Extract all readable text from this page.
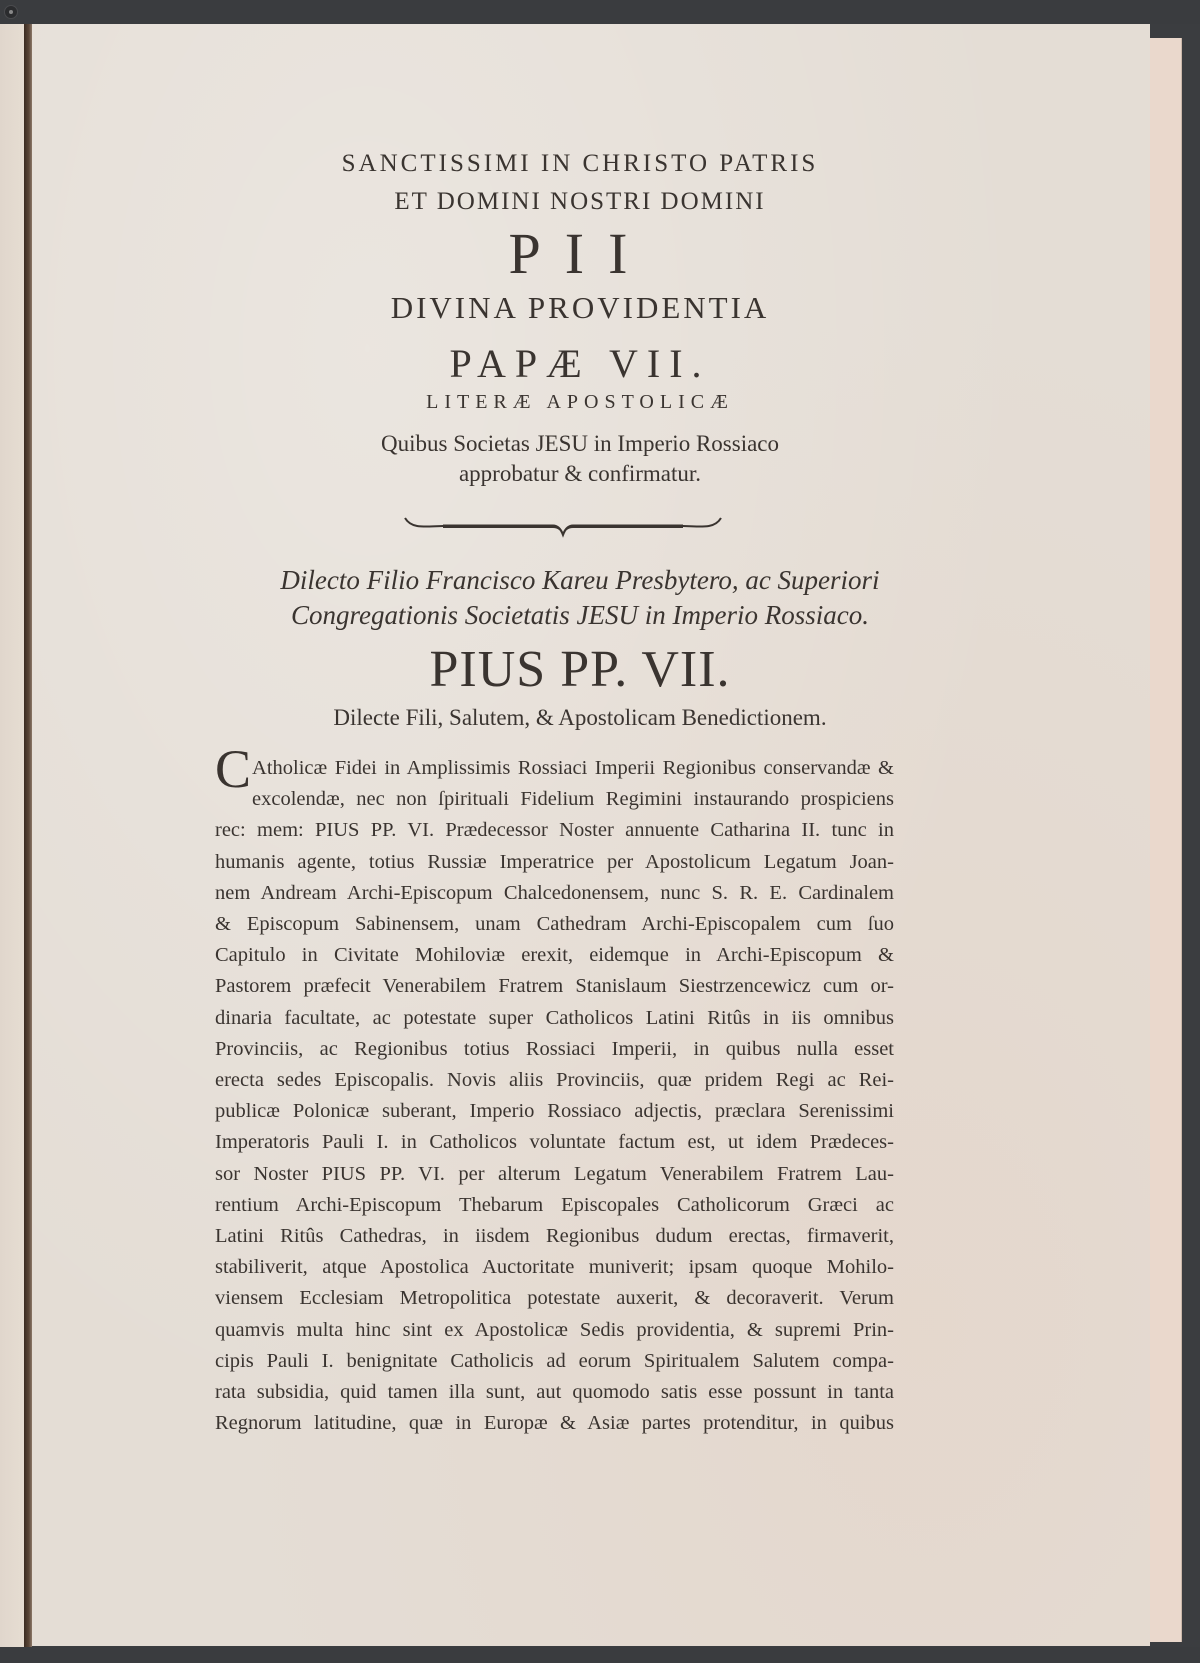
SANCTISSIMI IN CHRISTO PATRIS
ET DOMINI NOSTRI DOMINI
PII
DIVINA PROVIDENTIA
PAPÆ VII.
LITERÆ APOSTOLICÆ
Quibus Societas JESU in Imperio Rossiaco
approbatur & confirmatur.
Dilecto Filio Francisco Kareu Presbytero, ac Superiori
Congregationis Societatis JESU in Imperio Rossiaco.
PIUS PP. VII.
Dilecte Fili, Salutem, & Apostolicam Benedictionem.
C Atholicæ Fidei in Amplissimis Rossiaci Imperii Regionibus conservandæ &
excolendæ, nec non ſpirituali Fidelium Regimini instaurando prospiciens
rec: mem: PIUS PP. VI. Prædecessor Noster annuente Catharina II. tunc in
humanis agente, totius Russiæ Imperatrice per Apostolicum Legatum Joan-
nem Andream Archi-Episcopum Chalcedonensem, nunc S. R. E. Cardinalem
& Episcopum Sabinensem, unam Cathedram Archi-Episcopalem cum ſuo
Capitulo in Civitate Mohiloviæ erexit, eidemque in Archi-Episcopum &
Pastorem præfecit Venerabilem Fratrem Stanislaum Siestrzencewicz cum or-
dinaria facultate, ac potestate super Catholicos Latini Ritûs in iis omnibus
Provinciis, ac Regionibus totius Rossiaci Imperii, in quibus nulla esset
erecta sedes Episcopalis. Novis aliis Provinciis, quæ pridem Regi ac Rei-
publicæ Polonicæ suberant, Imperio Rossiaco adjectis, præclara Serenissimi
Imperatoris Pauli I. in Catholicos voluntate factum est, ut idem Prædeces-
sor Noster PIUS PP. VI. per alterum Legatum Venerabilem Fratrem Lau-
rentium Archi-Episcopum Thebarum Episcopales Catholicorum Græci ac
Latini Ritûs Cathedras, in iisdem Regionibus dudum erectas, firmaverit,
stabiliverit, atque Apostolica Auctoritate muniverit; ipsam quoque Mohilo-
viensem Ecclesiam Metropolitica potestate auxerit, & decoraverit. Verum
quamvis multa hinc sint ex Apostolicæ Sedis providentia, & supremi Prin-
cipis Pauli I. benignitate Catholicis ad eorum Spiritualem Salutem compa-
rata subsidia, quid tamen illa sunt, aut quomodo satis esse possunt in tanta
Regnorum latitudine, quæ in Europæ & Asiæ partes protenditur, in quibus
